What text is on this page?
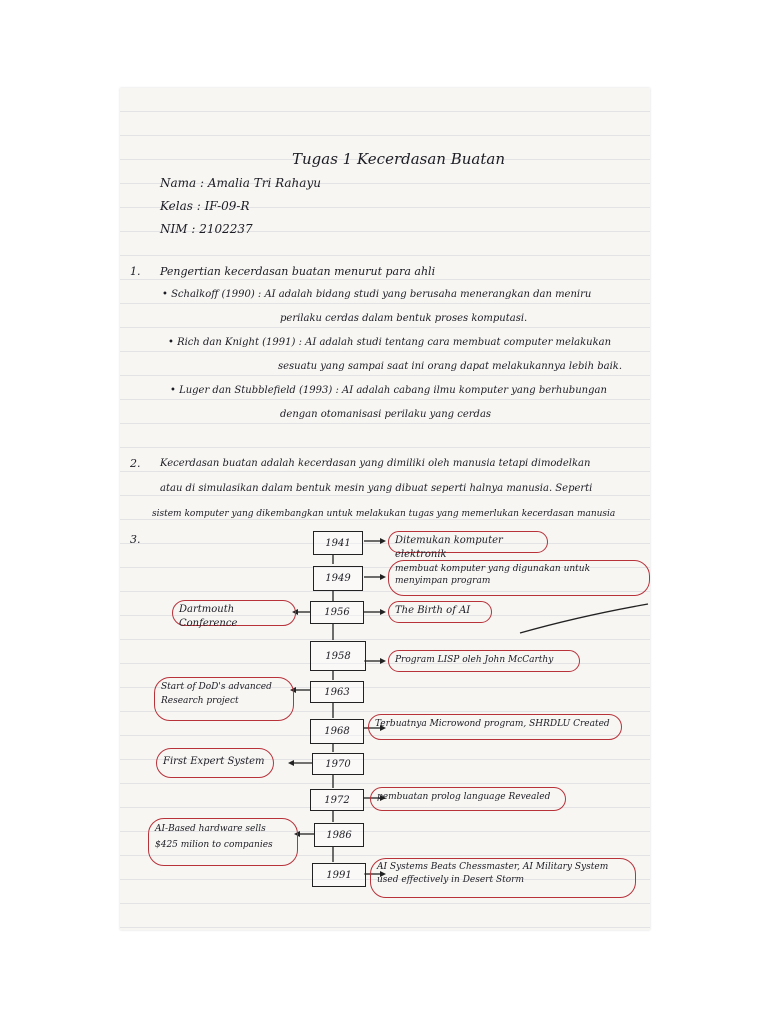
Tugas 1 Kecerdasan Buatan
Nama : Amalia Tri Rahayu
Kelas : IF-09-R
NIM : 2102237
1. Pengertian kecerdasan buatan menurut para ahli
• Schalkoff (1990) : AI adalah bidang studi yang berusaha menerangkan dan meniru
perilaku cerdas dalam bentuk proses komputasi.
• Rich dan Knight (1991) : AI adalah studi tentang cara membuat computer melakukan
sesuatu yang sampai saat ini orang dapat melakukannya lebih baik.
• Luger dan Stubblefield (1993) : AI adalah cabang ilmu komputer yang berhubungan
dengan otomanisasi perilaku yang cerdas
2. Kecerdasan buatan adalah kecerdasan yang dimiliki oleh manusia tetapi dimodelkan
atau di simulasikan dalam bentuk mesin yang dibuat seperti halnya manusia. Seperti
sistem komputer yang dikembangkan untuk melakukan tugas yang memerlukan kecerdasan manusia
3.	1941
1949
1956
1958
1963
1968
1970
1972
1986
1991
Ditemukan komputer elektronik
membuat komputer yang digunakan untuk menyimpan program
The Birth of AI
Program LISP oleh John McCarthy
Terbuatnya Microwond program, SHRDLU Created
pembuatan prolog language Revealed
AI Systems Beats Chessmaster, AI Military System used effectively in Desert Storm
Dartmouth Conference
Start of DoD's advanced Research project
First Expert System
AI-Based hardware sells $425 milion to companies
